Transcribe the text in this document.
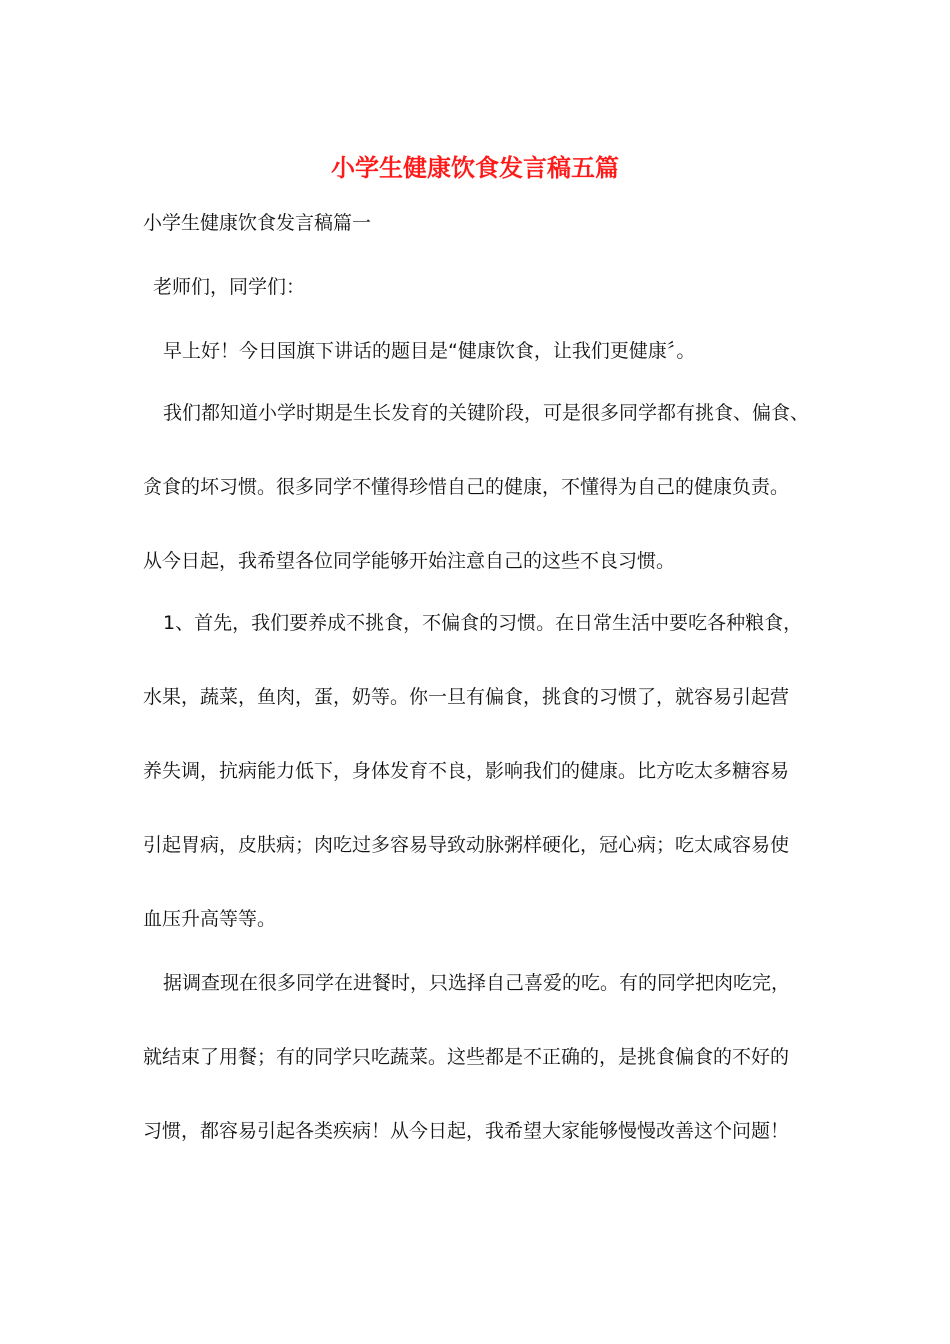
小学生健康饮食发言稿五篇
小学生健康饮食发言稿篇一
老师们，同学们：
早上好！今日国旗下讲话的题目是“健康饮食，让我们更健康〞。
我们都知道小学时期是生长发育的关键阶段，可是很多同学都有挑食、偏食、
贪食的坏习惯。很多同学不懂得珍惜自己的健康，不懂得为自己的健康负责。
从今日起，我希望各位同学能够开始注意自己的这些不良习惯。
1、首先，我们要养成不挑食，不偏食的习惯。在日常生活中要吃各种粮食，
水果，蔬菜，鱼肉，蛋，奶等。你一旦有偏食，挑食的习惯了，就容易引起营
养失调，抗病能力低下，身体发育不良，影响我们的健康。比方吃太多糖容易
引起胃病，皮肤病；肉吃过多容易导致动脉粥样硬化，冠心病；吃太咸容易使
血压升高等等。
据调查现在很多同学在进餐时，只选择自己喜爱的吃。有的同学把肉吃完，
就结束了用餐；有的同学只吃蔬菜。这些都是不正确的，是挑食偏食的不好的
习惯，都容易引起各类疾病！从今日起，我希望大家能够慢慢改善这个问题！
